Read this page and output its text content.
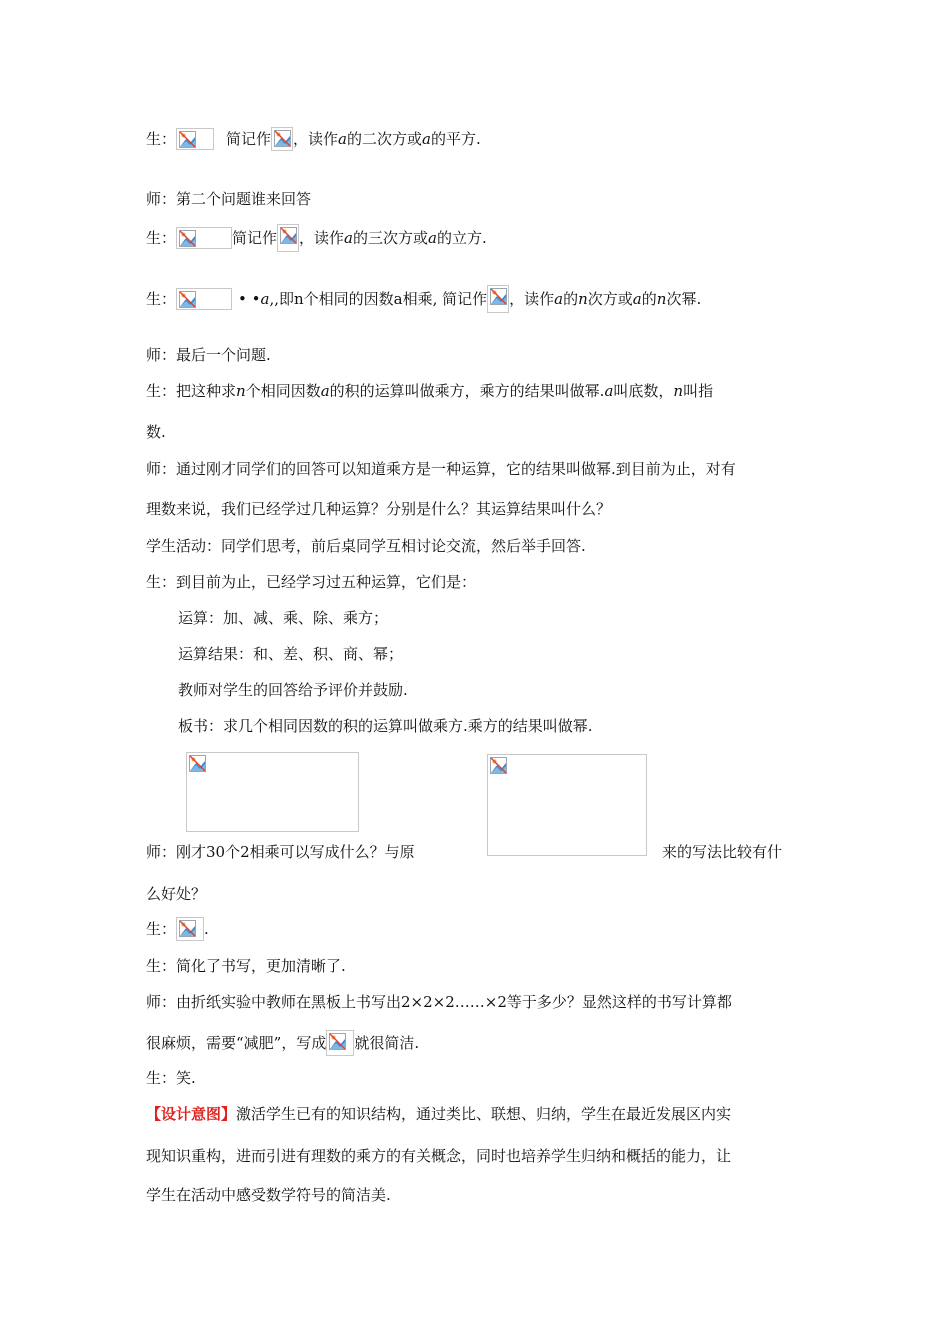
生：	简记作 ，读作 a 的二次方或 a 的平方.
师：第二个问题谁来回答
生：	简记作 ，读作 a 的三次方或 a 的立方.
生：	• • a ,,即n个相同的因数a相乘, 简记作 ，读作 a 的 n 次方或 a 的 n 次幂.
师：最后一个问题.
生：把这种求 n 个相同因数 a 的积的运算叫做乘方，乘方的结果叫做幂. a 叫底数， n 叫指
数.
师：通过刚才同学们的回答可以知道乘方是一种运算，它的结果叫做幂.到目前为止，对有
理数来说，我们已经学过几种运算？分别是什么？其运算结果叫什么？
学生活动：同学们思考，前后桌同学互相讨论交流，然后举手回答.
生：到目前为止，已经学习过五种运算，它们是：
运算：加、减、乘、除、乘方；
运算结果：和、差、积、商、幂；
教师对学生的回答给予评价并鼓励.
板书：求几个相同因数的积的运算叫做乘方.乘方的结果叫做幂.
师：刚才30个2相乘可以写成什么？与原	来的写法比较有什
么好处？
生： .
生：简化了书写，更加清晰了.
师：由折纸实验中教师在黑板上书写出2×2×2……×2等于多少？显然这样的书写计算都
很麻烦，需要“减肥”，写成 就很简洁.
生：笑.
【设计意图】 激活学生已有的知识结构，通过类比、联想、归纳，学生在最近发展区内实
现知识重构，进而引进有理数的乘方的有关概念，同时也培养学生归纳和概括的能力，让
学生在活动中感受数学符号的简洁美.
